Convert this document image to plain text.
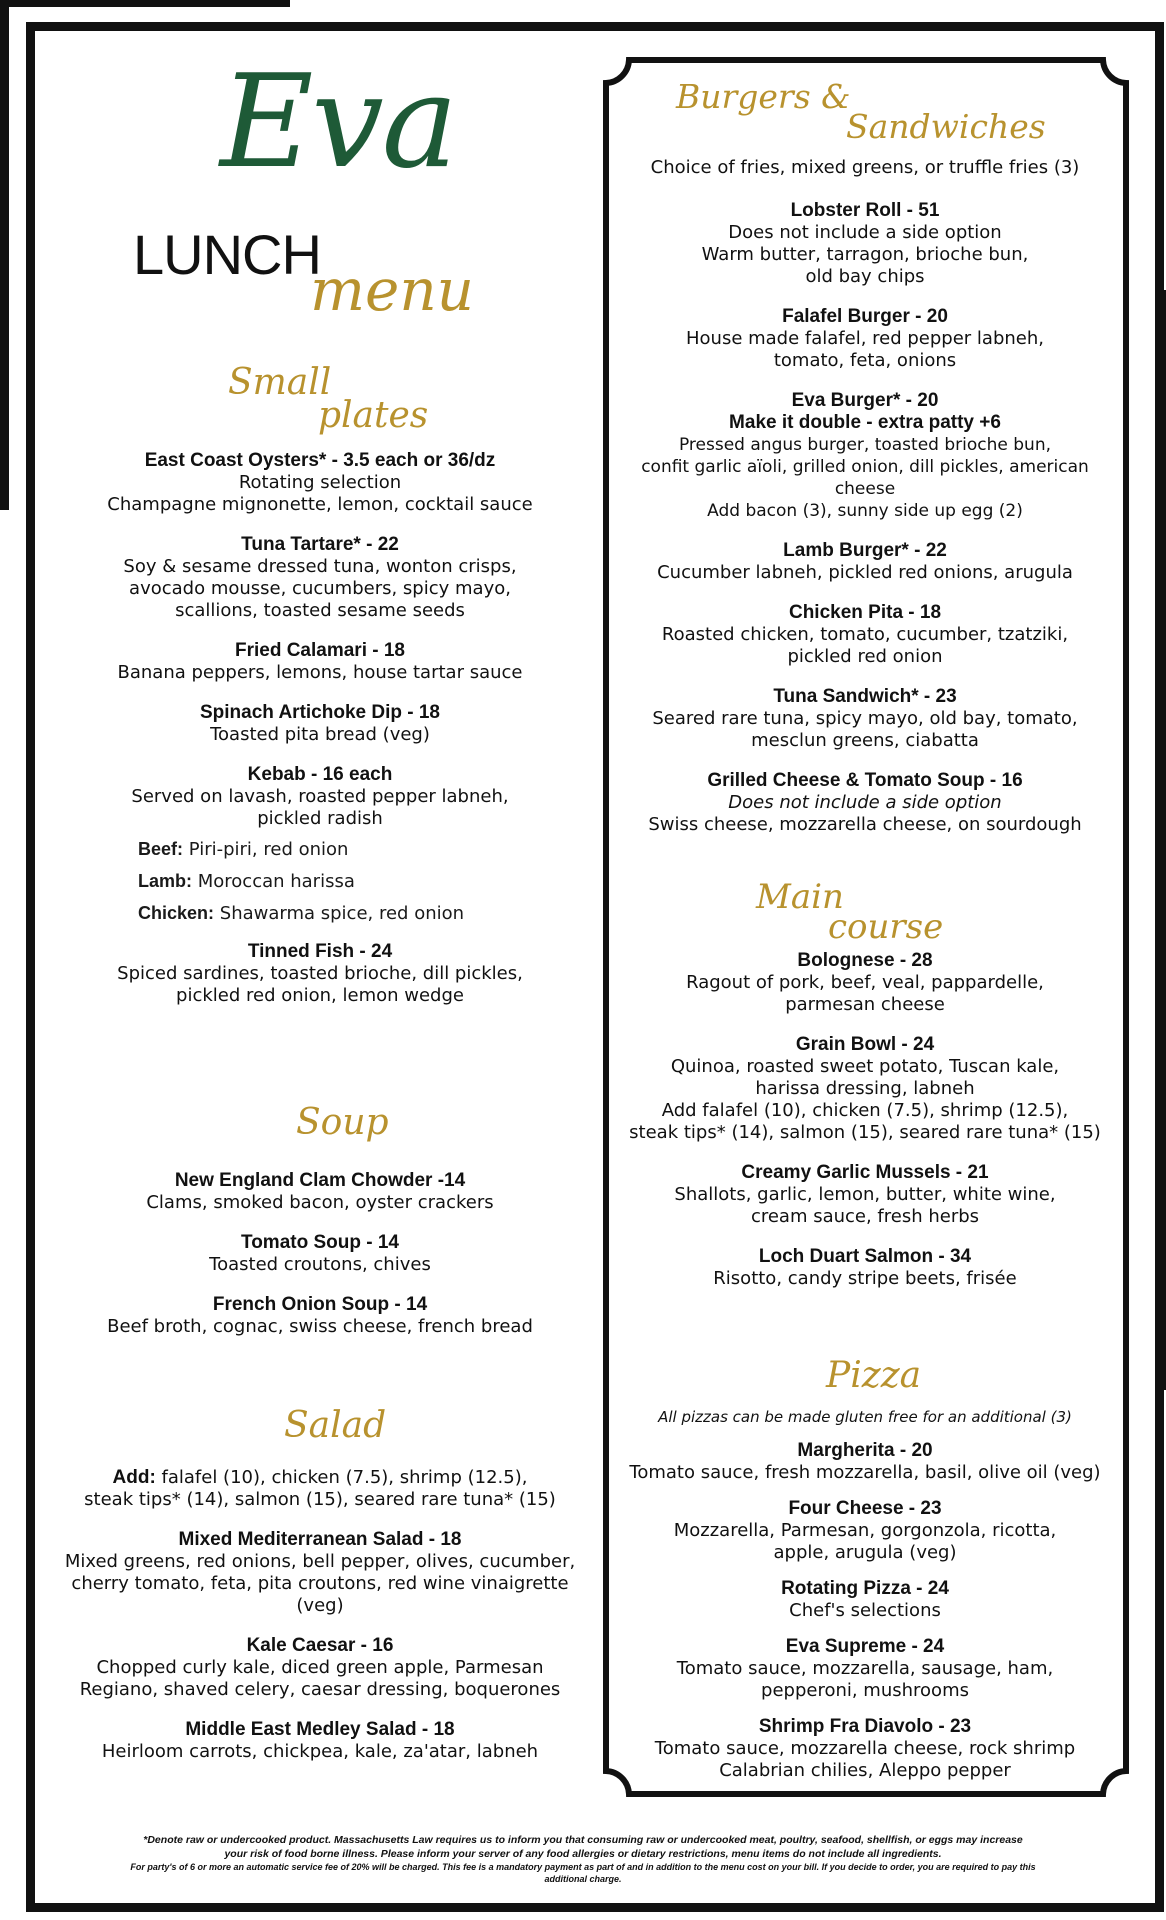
Eva
LUNCH
menu
Small
plates
East Coast Oysters* - 3.5 each or 36/dz
Rotating selection
Champagne mignonette, lemon, cocktail sauce
Tuna Tartare* - 22
Soy & sesame dressed tuna, wonton crisps,
avocado mousse, cucumbers, spicy mayo,
scallions, toasted sesame seeds
Fried Calamari - 18
Banana peppers, lemons, house tartar sauce
Spinach Artichoke Dip - 18
Toasted pita bread (veg)
Kebab - 16 each
Served on lavash, roasted pepper labneh,
pickled radish
Beef: Piri-piri, red onion
Lamb: Moroccan harissa
Chicken: Shawarma spice, red onion
Tinned Fish - 24
Spiced sardines, toasted brioche, dill pickles,
pickled red onion, lemon wedge
Soup
New England Clam Chowder -14
Clams, smoked bacon, oyster crackers
Tomato Soup - 14
Toasted croutons, chives
French Onion Soup - 14
Beef broth, cognac, swiss cheese, french bread
Salad
Add: falafel (10), chicken (7.5), shrimp (12.5),
steak tips* (14), salmon (15), seared rare tuna* (15)
Mixed Mediterranean Salad - 18
Mixed greens, red onions, bell pepper, olives, cucumber,
cherry tomato, feta, pita croutons, red wine vinaigrette (veg)
Kale Caesar - 16
Chopped curly kale, diced green apple, Parmesan
Regiano, shaved celery, caesar dressing, boquerones
Middle East Medley Salad - 18
Heirloom carrots, chickpea, kale, za'atar, labneh
Burgers &
Sandwiches
Choice of fries, mixed greens, or truffle fries (3)
Lobster Roll - 51
Does not include a side option
Warm butter, tarragon, brioche bun,
old bay chips
Falafel Burger - 20
House made falafel, red pepper labneh,
tomato, feta, onions
Eva Burger* - 20
Make it double - extra patty +6
Pressed angus burger, toasted brioche bun,
confit garlic aïoli, grilled onion, dill pickles, american
cheese
Add bacon (3), sunny side up egg (2)
Lamb Burger* - 22
Cucumber labneh, pickled red onions, arugula
Chicken Pita - 18
Roasted chicken, tomato, cucumber, tzatziki,
pickled red onion
Tuna Sandwich* - 23
Seared rare tuna, spicy mayo, old bay, tomato,
mesclun greens, ciabatta
Grilled Cheese & Tomato Soup - 16
Does not include a side option
Swiss cheese, mozzarella cheese, on sourdough
Main
course
Bolognese - 28
Ragout of pork, beef, veal, pappardelle,
parmesan cheese
Grain Bowl - 24
Quinoa, roasted sweet potato, Tuscan kale,
harissa dressing, labneh
Add falafel (10), chicken (7.5), shrimp (12.5),
steak tips* (14), salmon (15), seared rare tuna* (15)
Creamy Garlic Mussels - 21
Shallots, garlic, lemon, butter, white wine,
cream sauce, fresh herbs
Loch Duart Salmon - 34
Risotto, candy stripe beets, frisée
Pizza
All pizzas can be made gluten free for an additional (3)
Margherita - 20
Tomato sauce, fresh mozzarella, basil, olive oil (veg)
Four Cheese - 23
Mozzarella, Parmesan, gorgonzola, ricotta,
apple, arugula (veg)
Rotating Pizza - 24
Chef's selections
Eva Supreme - 24
Tomato sauce, mozzarella, sausage, ham,
pepperoni, mushrooms
Shrimp Fra Diavolo - 23
Tomato sauce, mozzarella cheese, rock shrimp
Calabrian chilies, Aleppo pepper
*Denote raw or undercooked product. Massachusetts Law requires us to inform you that consuming raw or undercooked meat, poultry, seafood, shellfish, or eggs may increase
your risk of food borne illness. Please inform your server of any food allergies or dietary restrictions, menu items do not include all ingredients.
For party's of 6 or more an automatic service fee of 20% will be charged. This fee is a mandatory payment as part of and in addition to the menu cost on your bill. If you decide to order, you are required to pay this
additional charge.
